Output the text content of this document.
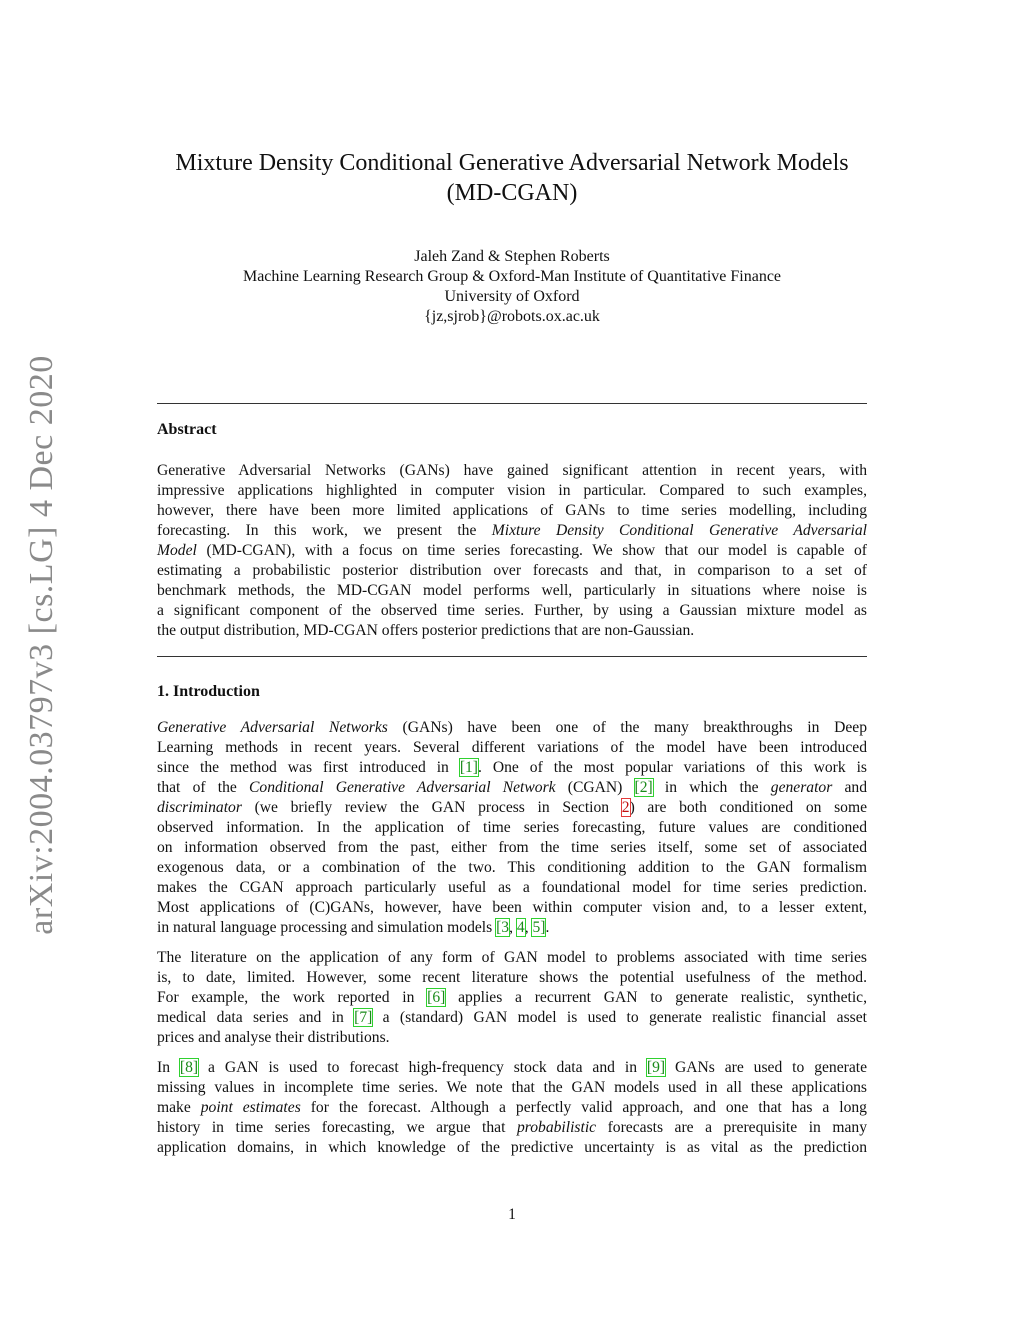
arXiv:2004.03797v3 [cs.LG] 4 Dec 2020
Mixture Density Conditional Generative Adversarial Network Models
(MD-CGAN)
Jaleh Zand & Stephen Roberts
Machine Learning Research Group & Oxford-Man Institute of Quantitative Finance
University of Oxford
{jz,sjrob}@robots.ox.ac.uk
Abstract
Generative Adversarial Networks (GANs) have gained significant attention in recent years, with
impressive applications highlighted in computer vision in particular. Compared to such examples,
however, there have been more limited applications of GANs to time series modelling, including
forecasting. In this work, we present the Mixture Density Conditional Generative Adversarial
Model (MD-CGAN), with a focus on time series forecasting. We show that our model is capable of
estimating a probabilistic posterior distribution over forecasts and that, in comparison to a set of
benchmark methods, the MD-CGAN model performs well, particularly in situations where noise is
a significant component of the observed time series. Further, by using a Gaussian mixture model as
the output distribution, MD-CGAN offers posterior predictions that are non-Gaussian.
1. Introduction
Generative Adversarial Networks (GANs) have been one of the many breakthroughs in Deep
Learning methods in recent years. Several different variations of the model have been introduced
since the method was first introduced in [1]. One of the most popular variations of this work is
that of the Conditional Generative Adversarial Network (CGAN) [2] in which the generator and
discriminator (we briefly review the GAN process in Section 2) are both conditioned on some
observed information. In the application of time series forecasting, future values are conditioned
on information observed from the past, either from the time series itself, some set of associated
exogenous data, or a combination of the two. This conditioning addition to the GAN formalism
makes the CGAN approach particularly useful as a foundational model for time series prediction.
Most applications of (C)GANs, however, have been within computer vision and, to a lesser extent,
in natural language processing and simulation models [3, 4, 5].
The literature on the application of any form of GAN model to problems associated with time series
is, to date, limited. However, some recent literature shows the potential usefulness of the method.
For example, the work reported in [6] applies a recurrent GAN to generate realistic, synthetic,
medical data series and in [7] a (standard) GAN model is used to generate realistic financial asset
prices and analyse their distributions.
In [8] a GAN is used to forecast high-frequency stock data and in [9] GANs are used to generate
missing values in incomplete time series. We note that the GAN models used in all these applications
make point estimates for the forecast. Although a perfectly valid approach, and one that has a long
history in time series forecasting, we argue that probabilistic forecasts are a prerequisite in many
application domains, in which knowledge of the predictive uncertainty is as vital as the prediction
1
